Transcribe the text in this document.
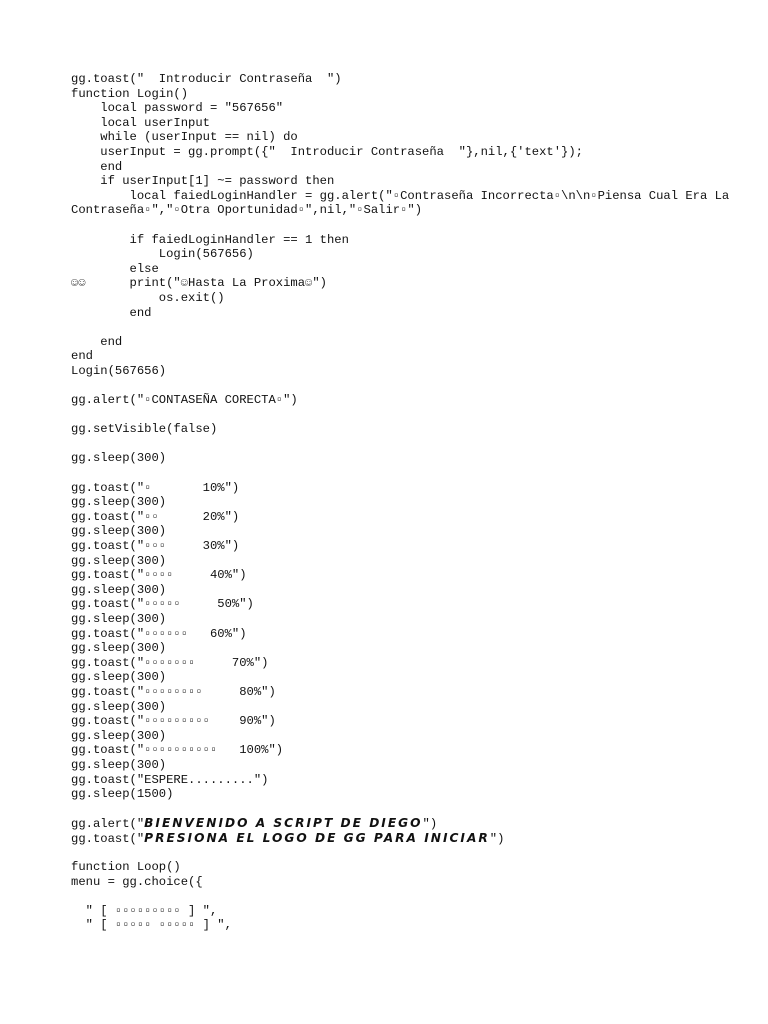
gg.toast("  Introducir Contraseña  ")
function Login()
local password = "567656"
local userInput
while (userInput == nil) do
userInput = gg.prompt({"  Introducir Contraseña  "},nil,{'text'});
end
if userInput[1] ~= password then
local faiedLoginHandler = gg.alert("▫Contraseña Incorrecta▫\n\n▫Piensa Cual Era La Contraseña▫","▫Otra Oportunidad▫",nil,"▫Salir▫")
if faiedLoginHandler == 1 then
Login(567656)
else
☺☺      print("☺Hasta La Proxima☺")
os.exit()
end
end
end
Login(567656)
gg.alert("▫CONTASEÑA CORECTA▫")
gg.setVisible(false)
gg.sleep(300)
gg.toast("▫       10%")
gg.sleep(300)
gg.toast("▫▫      20%")
gg.sleep(300)
gg.toast("▫▫▫     30%")
gg.sleep(300)
gg.toast("▫▫▫▫     40%")
gg.sleep(300)
gg.toast("▫▫▫▫▫     50%")
gg.sleep(300)
gg.toast("▫▫▫▫▫▫   60%")
gg.sleep(300)
gg.toast("▫▫▫▫▫▫▫     70%")
gg.sleep(300)
gg.toast("▫▫▫▫▫▫▫▫     80%")
gg.sleep(300)
gg.toast("▫▫▫▫▫▫▫▫▫    90%")
gg.sleep(300)
gg.toast("▫▫▫▫▫▫▫▫▫▫   100%")
gg.sleep(300)
gg.toast("ESPERE.........")
gg.sleep(1500)
gg.alert("BIENVENIDO A SCRIPT DE DIEGO")
gg.toast("PRESIONA EL LOGO DE GG PARA INICIAR")
function Loop()
menu = gg.choice({
" [ ▫▫▫▫▫▫▫▫▫ ] ",
" [ ▫▫▫▫▫ ▫▫▫▫▫ ] ",
